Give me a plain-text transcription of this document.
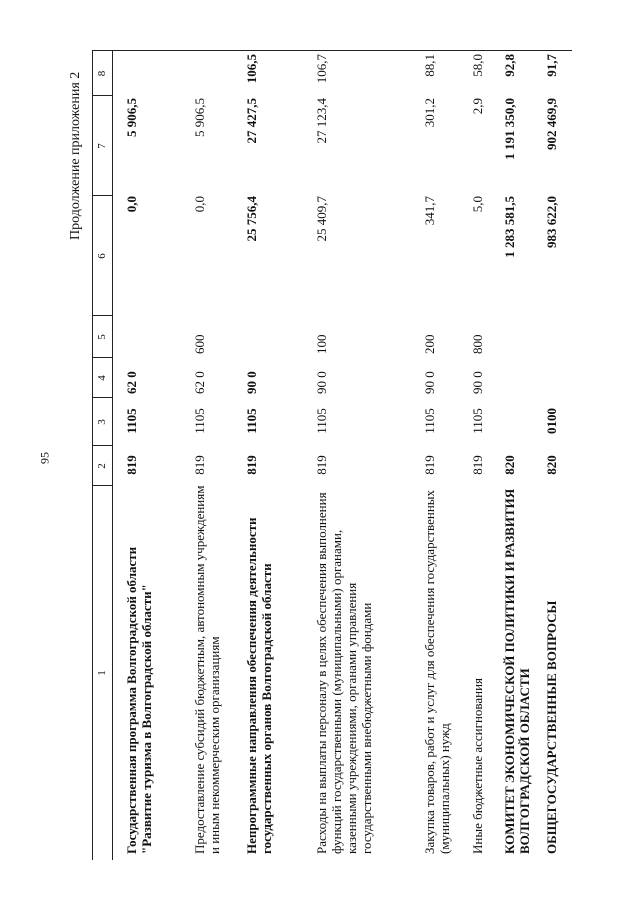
95
Продолжение приложения 2
1
2
3
4
5
6
7
8
Государственная программа Волгоградской области "Развитие туризма в Волгоградской области"
819
1105
62 0
0,0
5 906,5
Предоставление субсидий бюджетным, автономным учреждениям и иным некоммерческим организациям
819
1105
62 0
600
0,0
5 906,5
Непрограммные направления обеспечения деятельности государственных органов Волгоградской области
819
1105
90 0
25 756,4
27 427,5
106,5
Расходы на выплаты персоналу в целях обеспечения выполнения функций государственными (муниципальными) органами, казенными учреждениями, органами управления государственными внебюджетными фондами
819
1105
90 0
100
25 409,7
27 123,4
106,7
Закупка товаров, работ и услуг для обеспечения государственных (муниципальных) нужд
819
1105
90 0
200
341,7
301,2
88,1
Иные бюджетные ассигнования
819
1105
90 0
800
5,0
2,9
58,0
КОМИТЕТ ЭКОНОМИЧЕСКОЙ ПОЛИТИКИ И РАЗВИТИЯ ВОЛГОГРАДСКОЙ ОБЛАСТИ
820
1 283 581,5
1 191 350,0
92,8
ОБЩЕГОСУДАРСТВЕННЫЕ ВОПРОСЫ
820
0100
983 622,0
902 469,9
91,7
